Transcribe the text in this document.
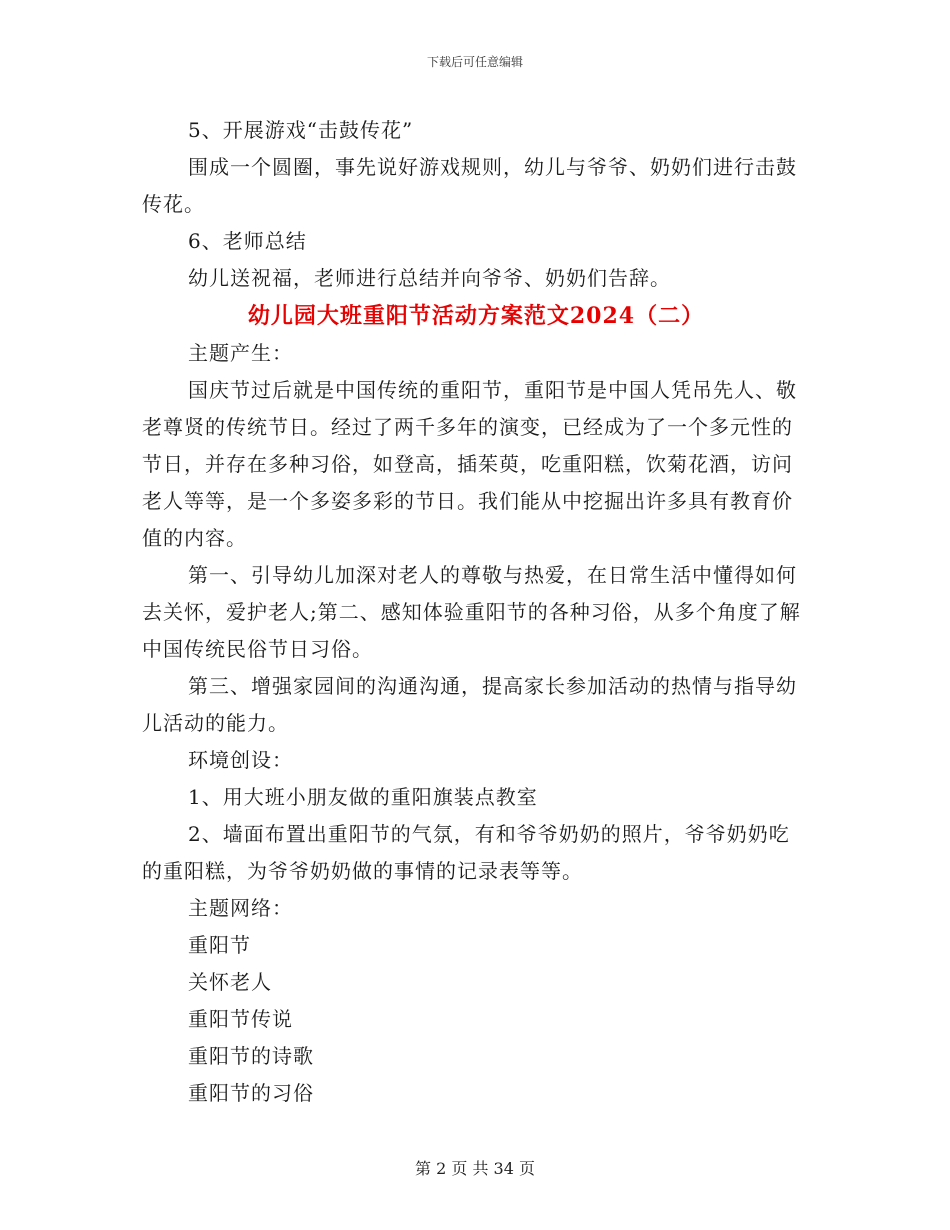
下载后可任意编辑

5、开展游戏“击鼓传花”

围成一个圆圈，事先说好游戏规则，幼儿与爷爷、奶奶们进行击鼓传花。

6、老师总结

幼儿送祝福，老师进行总结并向爷爷、奶奶们告辞。

幼儿园大班重阳节活动方案范文2024（二）

主题产生：

国庆节过后就是中国传统的重阳节，重阳节是中国人凭吊先人、敬老尊贤的传统节日。经过了两千多年的演变，已经成为了一个多元性的节日，并存在多种习俗，如登高，插茱萸，吃重阳糕，饮菊花酒，访问老人等等，是一个多姿多彩的节日。我们能从中挖掘出许多具有教育价值的内容。

第一、引导幼儿加深对老人的尊敬与热爱，在日常生活中懂得如何去关怀，爱护老人;第二、感知体验重阳节的各种习俗，从多个角度了解中国传统民俗节日习俗。

第三、增强家园间的沟通沟通，提高家长参加活动的热情与指导幼儿活动的能力。

环境创设：

1、用大班小朋友做的重阳旗装点教室

2、墙面布置出重阳节的气氛，有和爷爷奶奶的照片，爷爷奶奶吃的重阳糕，为爷爷奶奶做的事情的记录表等等。

主题网络：

重阳节

关怀老人

重阳节传说

重阳节的诗歌

重阳节的习俗

第 2 页 共 34 页
